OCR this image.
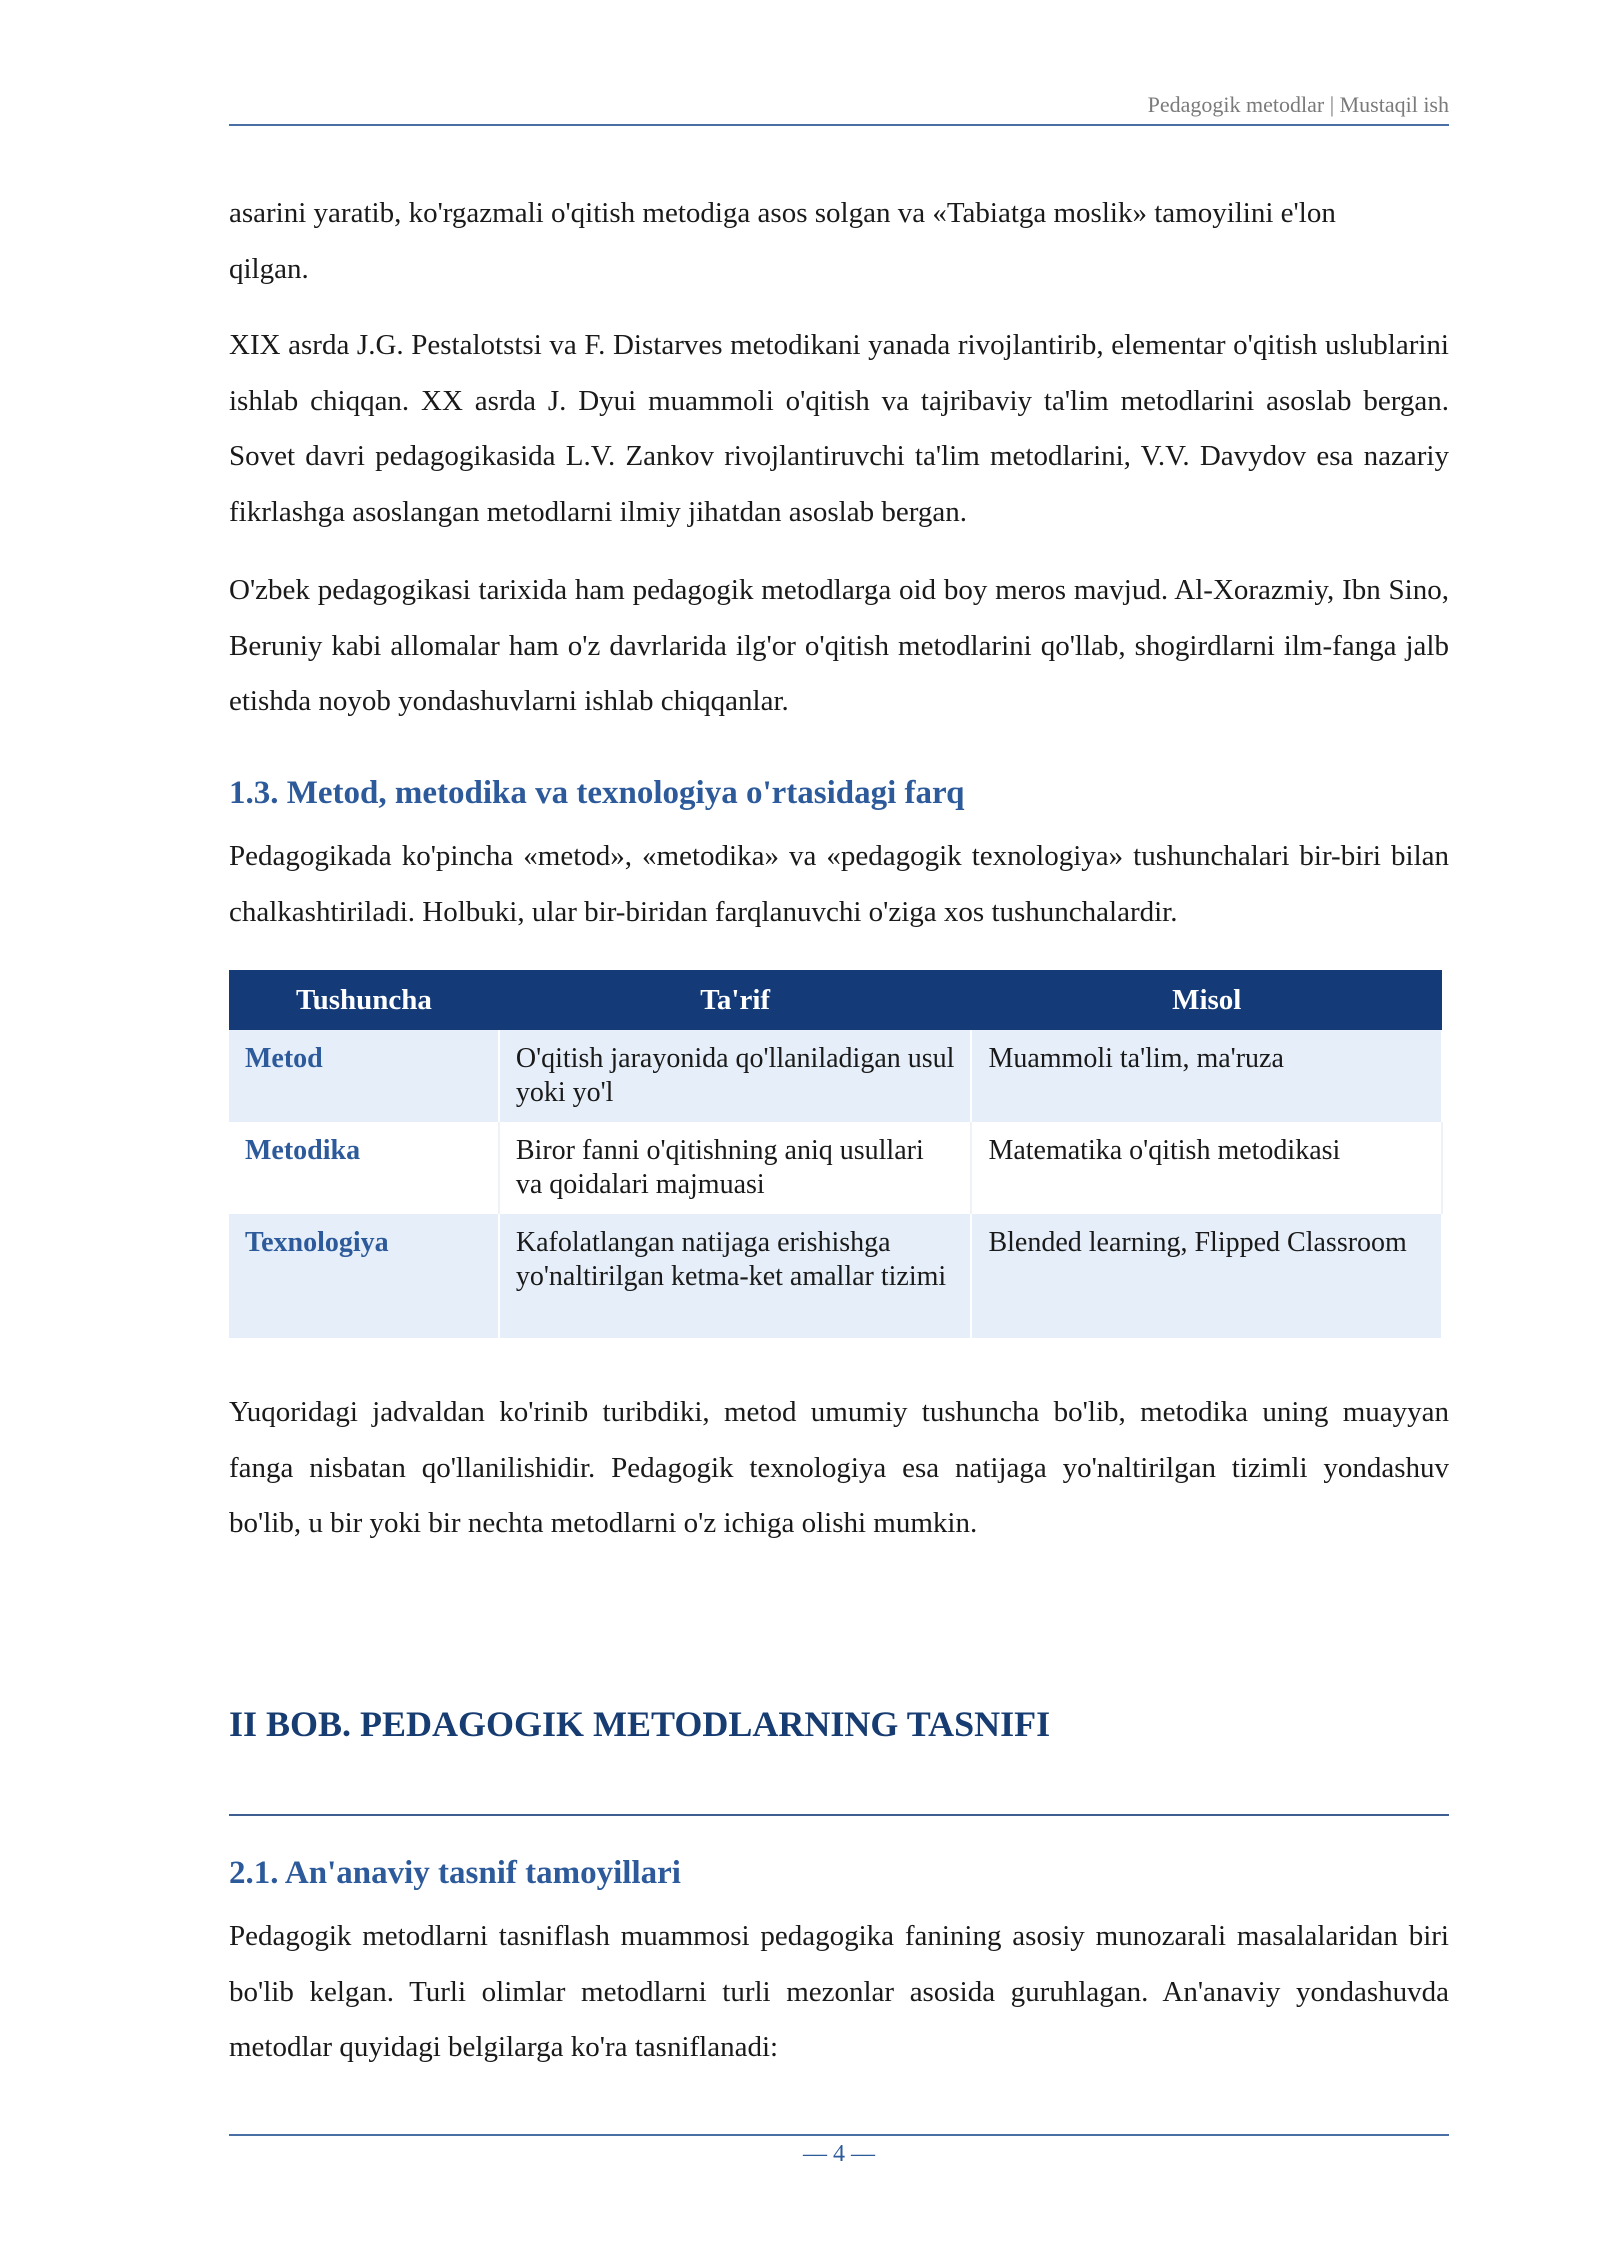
Pedagogik metodlar | Mustaqil ish

asarini yaratib, ko'rgazmali o'qitish metodiga asos solgan va «Tabiatga moslik» tamoyilini e'lon
qilgan.

XIX asrda J.G. Pestalotstsi va F. Distarves metodikani yanada rivojlantirib, elementar o'qitish uslublarini ishlab chiqqan. XX asrda J. Dyui muammoli o'qitish va tajribaviy ta'lim metodlarini asoslab bergan. Sovet davri pedagogikasida L.V. Zankov rivojlantiruvchi ta'lim metodlarini, V.V. Davydov esa nazariy fikrlashga asoslangan metodlarni ilmiy jihatdan asoslab bergan.

O'zbek pedagogikasi tarixida ham pedagogik metodlarga oid boy meros mavjud. Al-Xorazmiy, Ibn Sino, Beruniy kabi allomalar ham o'z davrlarida ilg'or o'qitish metodlarini qo'llab, shogirdlarni ilm-fanga jalb etishda noyob yondashuvlarni ishlab chiqqanlar.

1.3. Metod, metodika va texnologiya o'rtasidagi farq

Pedagogikada ko'pincha «metod», «metodika» va «pedagogik texnologiya» tushunchalari bir-biri bilan chalkashtiriladi. Holbuki, ular bir-biridan farqlanuvchi o'ziga xos tushunchalardir.

Tushuncha	Ta'rif	Misol
Metod	O'qitish jarayonida qo'llaniladigan usul yoki yo'l	Muammoli ta'lim, ma'ruza
Metodika	Biror fanni o'qitishning aniq usullari va qoidalari majmuasi	Matematika o'qitish metodikasi
Texnologiya	Kafolatlangan natijaga erishishga yo'naltirilgan ketma-ket amallar tizimi	Blended learning, Flipped Classroom

Yuqoridagi jadvaldan ko'rinib turibdiki, metod umumiy tushuncha bo'lib, metodika uning muayyan fanga nisbatan qo'llanilishidir. Pedagogik texnologiya esa natijaga yo'naltirilgan tizimli yondashuv bo'lib, u bir yoki bir nechta metodlarni o'z ichiga olishi mumkin.

II BOB. PEDAGOGIK METODLARNING TASNIFI
2.1. An'anaviy tasnif tamoyillari

Pedagogik metodlarni tasniflash muammosi pedagogika fanining asosiy munozarali masalalaridan biri bo'lib kelgan. Turli olimlar metodlarni turli mezonlar asosida guruhlagan. An'anaviy yondashuvda metodlar quyidagi belgilarga ko'ra tasniflanadi:

— 4 —
